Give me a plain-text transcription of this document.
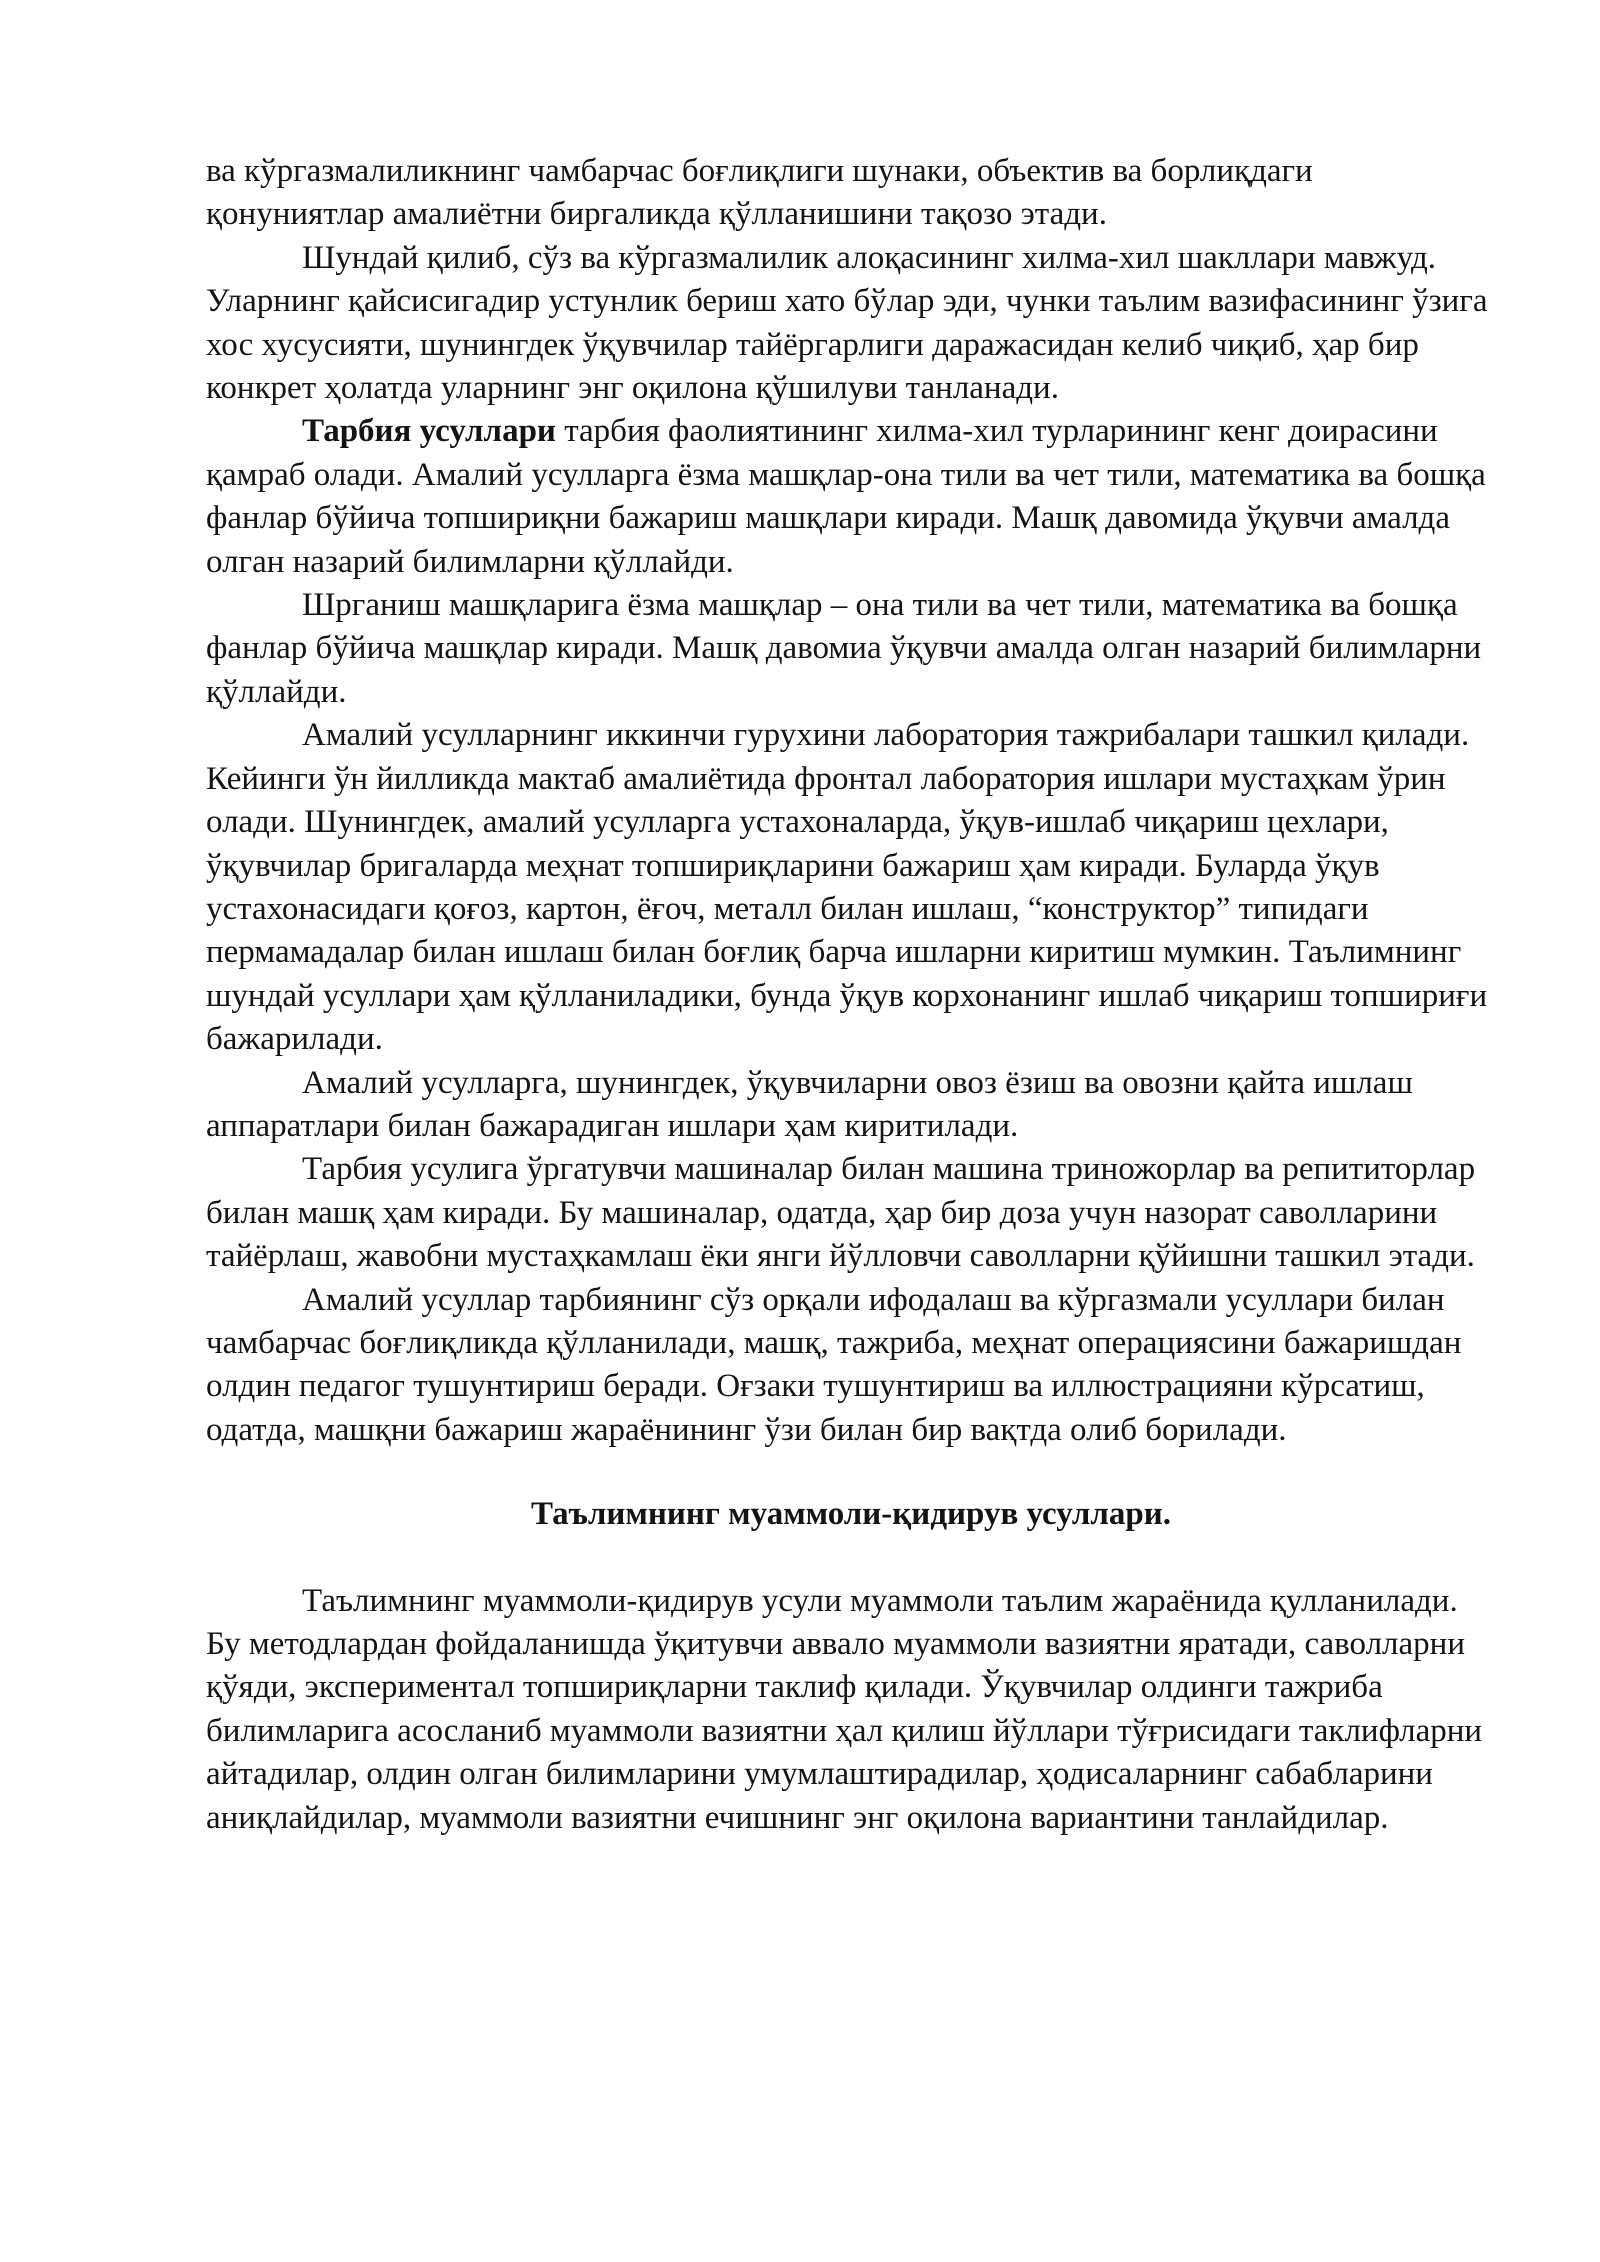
ва кўргазмалиликнинг чамбарчас боғлиқлиги шунаки, объектив ва борлиқдаги қонуниятлар амалиётни биргаликда қўлланишини тақозо этади.

Шундай қилиб, сўз ва кўргазмалилик алоқасининг хилма-хил шакллари мавжуд. Уларнинг қайсисигадир устунлик бериш хато бўлар эди, чунки таълим вазифасининг ўзига хос хусусияти, шунингдек ўқувчилар тайёргарлиги даражасидан келиб чиқиб, ҳар бир конкрет ҳолатда уларнинг энг оқилона қўшилуви танланади.

Тарбия усуллари тарбия фаолиятининг хилма-хил турларининг кенг доирасини қамраб олади. Амалий усулларга ёзма машқлар-она тили ва чет тили, математика ва бошқа фанлар бўйича топшириқни бажариш машқлари киради. Машқ давомида ўқувчи амалда олган назарий билимларни қўллайди.

Шрганиш машқларига ёзма машқлар – она тили ва чет тили, математика ва бошқа фанлар бўйича машқлар киради. Машқ давомиа ўқувчи амалда олган назарий билимларни қўллайди.

Амалий усулларнинг иккинчи гурухини лаборатория тажрибалари ташкил қилади. Кейинги ўн йилликда мактаб амалиётида фронтал лаборатория ишлари мустаҳкам ўрин олади. Шунингдек, амалий усулларга устахоналарда, ўқув-ишлаб чиқариш цехлари, ўқувчилар бригаларда меҳнат топшириқларини бажариш ҳам киради. Буларда ўқув устахонасидаги қоғоз, картон, ёғоч, металл билан ишлаш, “конструктор” типидаги пермамадалар билан ишлаш билан боғлиқ барча ишларни киритиш мумкин. Таълимнинг шундай усуллари ҳам қўлланиладики, бунда ўқув корхонанинг ишлаб чиқариш топшириғи бажарилади.

Амалий усулларга, шунингдек, ўқувчиларни овоз ёзиш ва овозни қайта ишлаш аппаратлари билан бажарадиган ишлари ҳам киритилади.

Тарбия усулига ўргатувчи машиналар билан машина триножорлар ва репититорлар билан машқ ҳам киради. Бу машиналар, одатда, ҳар бир доза учун назорат саволларини тайёрлаш, жавобни мустаҳкамлаш ёки янги йўлловчи саволларни қўйишни ташкил этади.

Амалий усуллар тарбиянинг сўз орқали ифодалаш ва кўргазмали усуллари билан чамбарчас боғлиқликда қўлланилади, машқ, тажриба, меҳнат операциясини бажаришдан олдин педагог тушунтириш беради. Оғзаки тушунтириш ва иллюстрацияни кўрсатиш, одатда, машқни бажариш жараёнининг ўзи билан бир вақтда олиб борилади.

Таълимнинг муаммоли-қидирув усуллари.

Таълимнинг муаммоли-қидирув усули муаммоли таълим жараёнида қулланилади. Бу методлардан фойдаланишда ўқитувчи аввало муаммоли вазиятни яратади, саволларни қўяди, экспериментал топшириқларни таклиф қилади. Ўқувчилар олдинги тажриба билимларига асосланиб муаммоли вазиятни ҳал қилиш йўллари тўғрисидаги таклифларни айтадилар, олдин олган билимларини умумлаштирадилар, ҳодисаларнинг сабабларини аниқлайдилар, муаммоли вазиятни ечишнинг энг оқилона вариантини танлайдилар.
